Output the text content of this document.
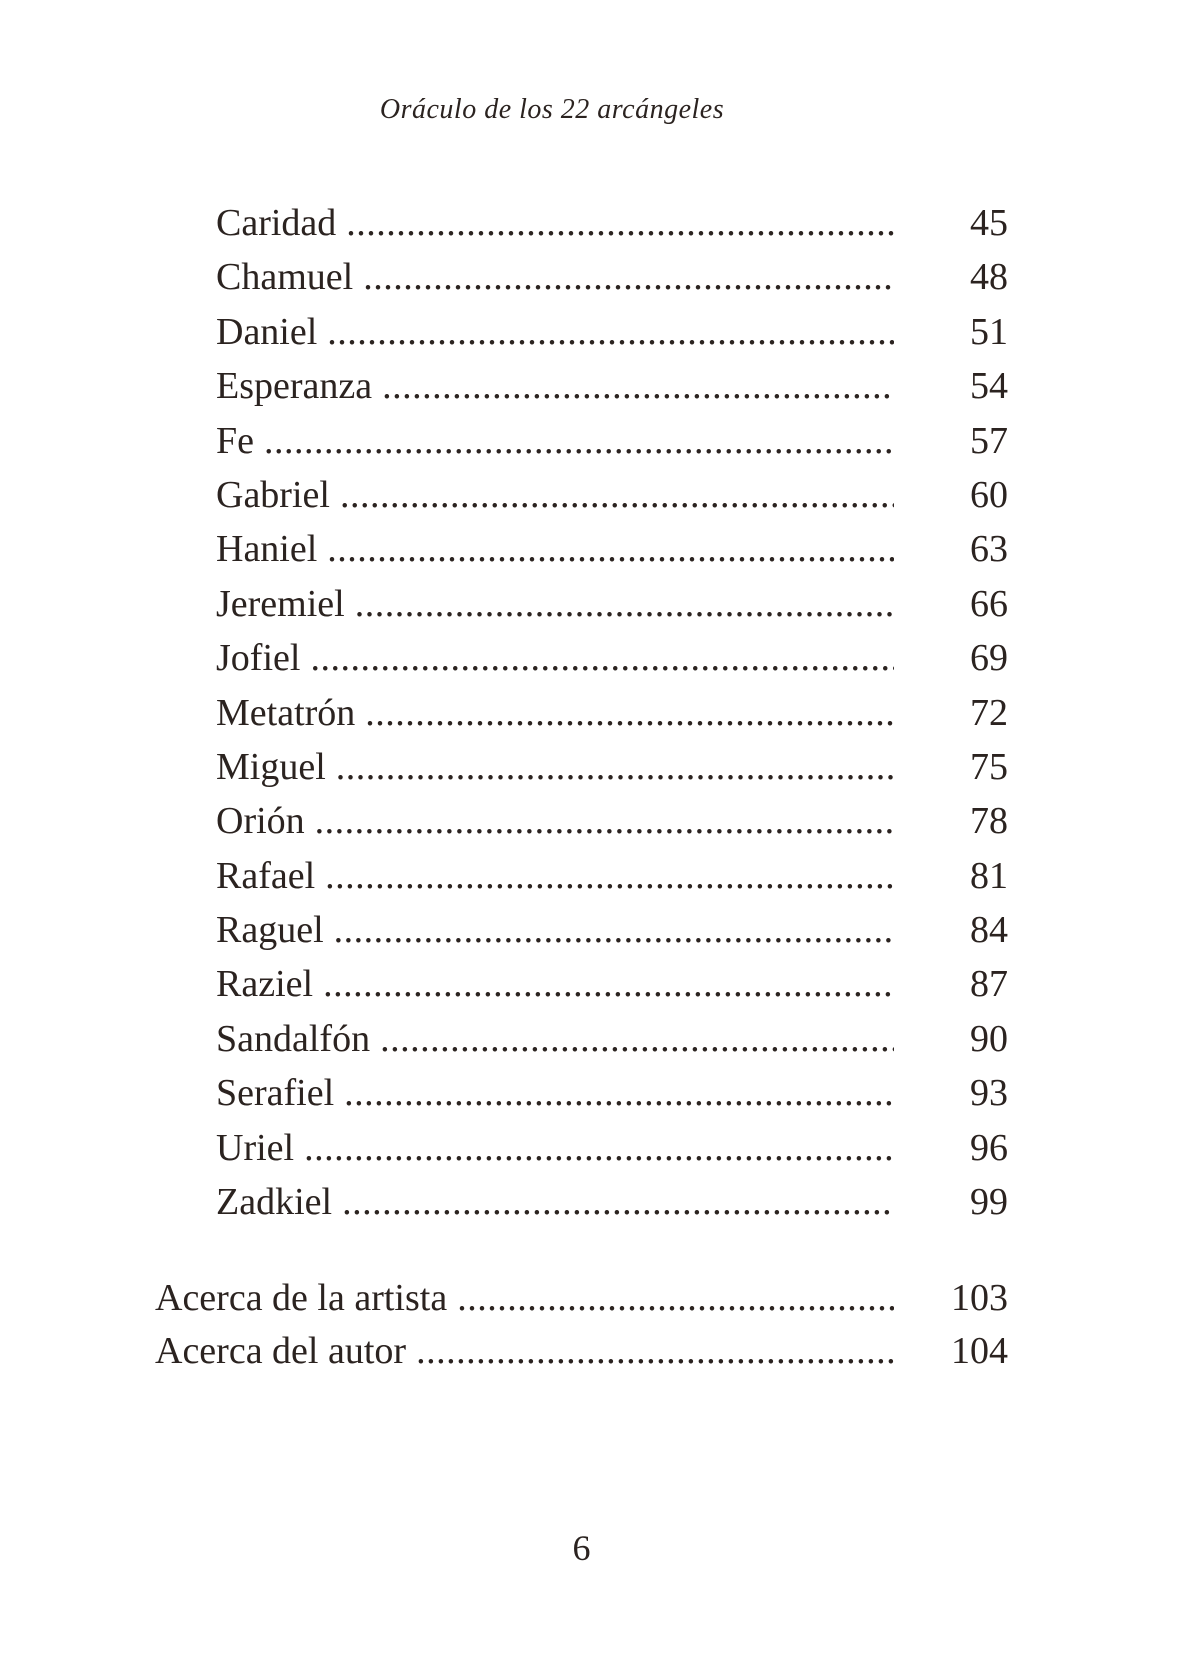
Oráculo de los 22 arcángeles
Caridad .....	45
Chamuel .....	48
Daniel .....	51
Esperanza .....	54
Fe .....	57
Gabriel .....	60
Haniel .....	63
Jeremiel .....	66
Jofiel .....	69
Metatrón .....	72
Miguel .....	75
Orión .....	78
Rafael .....	81
Raguel .....	84
Raziel .....	87
Sandalfón .....	90
Serafiel .....	93
Uriel .....	96
Zadkiel .....	99
Acerca de la artista .....	103
Acerca del autor .....	104
6
